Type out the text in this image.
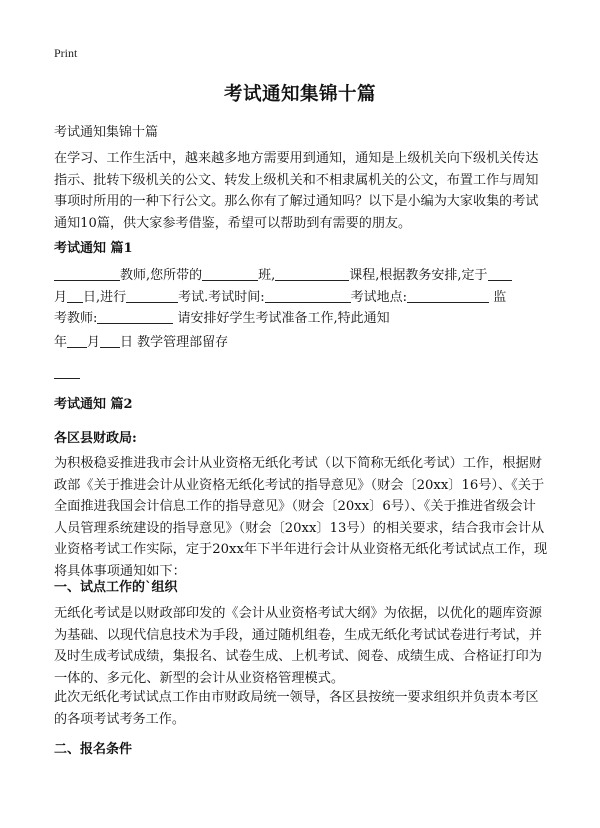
Print
考试通知集锦十篇
考试通知集锦十篇

在学习、工作生活中，越来越多地方需要用到通知，通知是上级机关向下级机关传达指示、批转下级机关的公文、转发上级机关和不相隶属机关的公文，布置工作与周知事项时所用的一种下行公文。那么你有了解过通知吗？以下是小编为大家收集的考试通知10篇，供大家参考借鉴，希望可以帮助到有需要的朋友。

考试通知 篇1
教师,您所带的	班,	课程,根据教务安排,定于
月 日,进行	考试.考试时间:	考试地点:	监
考教师:	请安排好学生考试准备工作,特此通知
年 月 日 教学管理部留存
考试通知 篇2
各区县财政局:

为积极稳妥推进我市会计从业资格无纸化考试（以下简称无纸化考试）工作，根据财政部《关于推进会计从业资格无纸化考试的指导意见》（财会〔20xx〕16号）、《关于全面推进我国会计信息工作的指导意见》（财会〔20xx〕6号）、《关于推进省级会计人员管理系统建设的指导意见》（财会〔20xx〕13号）的相关要求，结合我市会计从业资格考试工作实际，定于20xx年下半年进行会计从业资格无纸化考试试点工作，现将具体事项通知如下：

一、试点工作的`组织

无纸化考试是以财政部印发的《会计从业资格考试大纲》为依据，以优化的题库资源为基础、以现代信息技术为手段，通过随机组卷，生成无纸化考试试卷进行考试，并及时生成考试成绩，集报名、试卷生成、上机考试、阅卷、成绩生成、合格证打印为一体的、多元化、新型的会计从业资格管理模式。

此次无纸化考试试点工作由市财政局统一领导，各区县按统一要求组织并负责本考区的各项考试考务工作。

二、报名条件
